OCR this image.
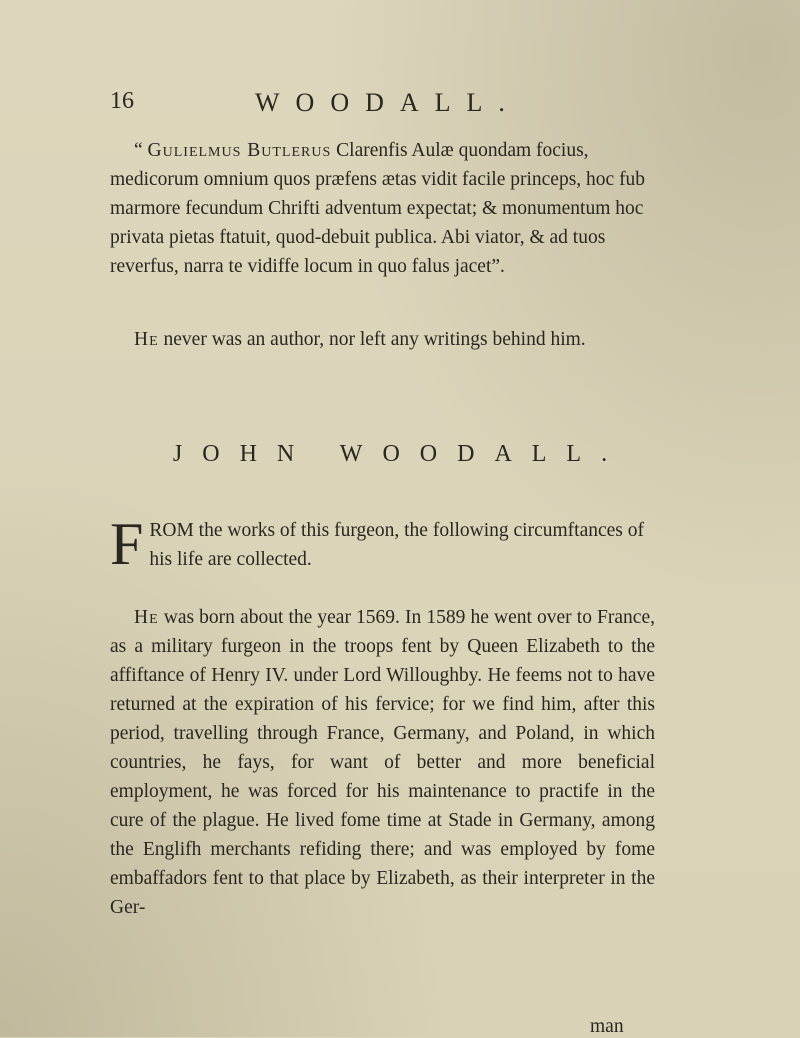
16	WOODALL.

“ Gulielmus Butlerus Clarenfis Aulæ quondam focius, medicorum omnium quos præfens ætas vidit facile princeps, hoc fub marmore fecundum Chrifti adventum expectat; & monumentum hoc privata pietas ftatuit, quod-debuit publica. Abi viator, & ad tuos reverfus, narra te vidiffe locum in quo falus jacet”.

He never was an author, nor left any writings behind him.

JOHN WOODALL.

FROM the works of this furgeon, the following circumftances of his life are collected.

He was born about the year 1569. In 1589 he went over to France, as a military furgeon in the troops fent by Queen Elizabeth to the affiftance of Henry IV. under Lord Willoughby. He feems not to have returned at the expiration of his fervice; for we find him, after this period, travelling through France, Germany, and Poland, in which countries, he fays, for want of better and more beneficial employment, he was forced for his maintenance to practife in the cure of the plague. He lived fome time at Stade in Germany, among the Englifh merchants refiding there; and was employed by fome embaffadors fent to that place by Elizabeth, as their interpreter in the Ger-

man
